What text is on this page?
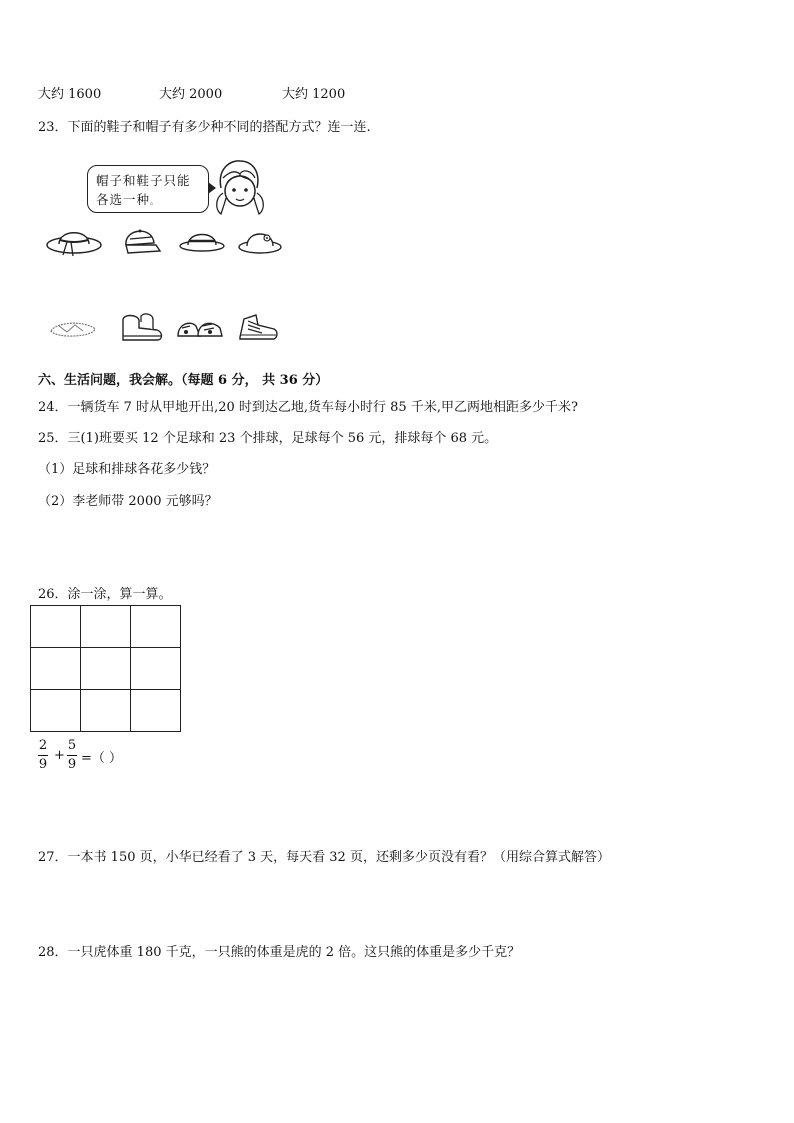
大约 1600	大约 2000	大约 1200
23．下面的鞋子和帽子有多少种不同的搭配方式？连一连.
帽子和鞋子只能
各选一种。
六、生活问题，我会解。（每题 6 分， 共 36 分）
24．一辆货车 7 时从甲地开出,20 时到达乙地,货车每小时行 85 千米,甲乙两地相距多少千米?
25．三(1)班要买 12 个足球和 23 个排球，足球每个 56 元，排球每个 68 元。
（1）足球和排球各花多少钱？
（2）李老师带 2000 元够吗？
26．涂一涂，算一算。

2
9
+
5
9 =（ ）
27．一本书 150 页，小华已经看了 3 天，每天看 32 页，还剩多少页没有看？（用综合算式解答）
28．一只虎体重 180 千克，一只熊的体重是虎的 2 倍。这只熊的体重是多少千克？
